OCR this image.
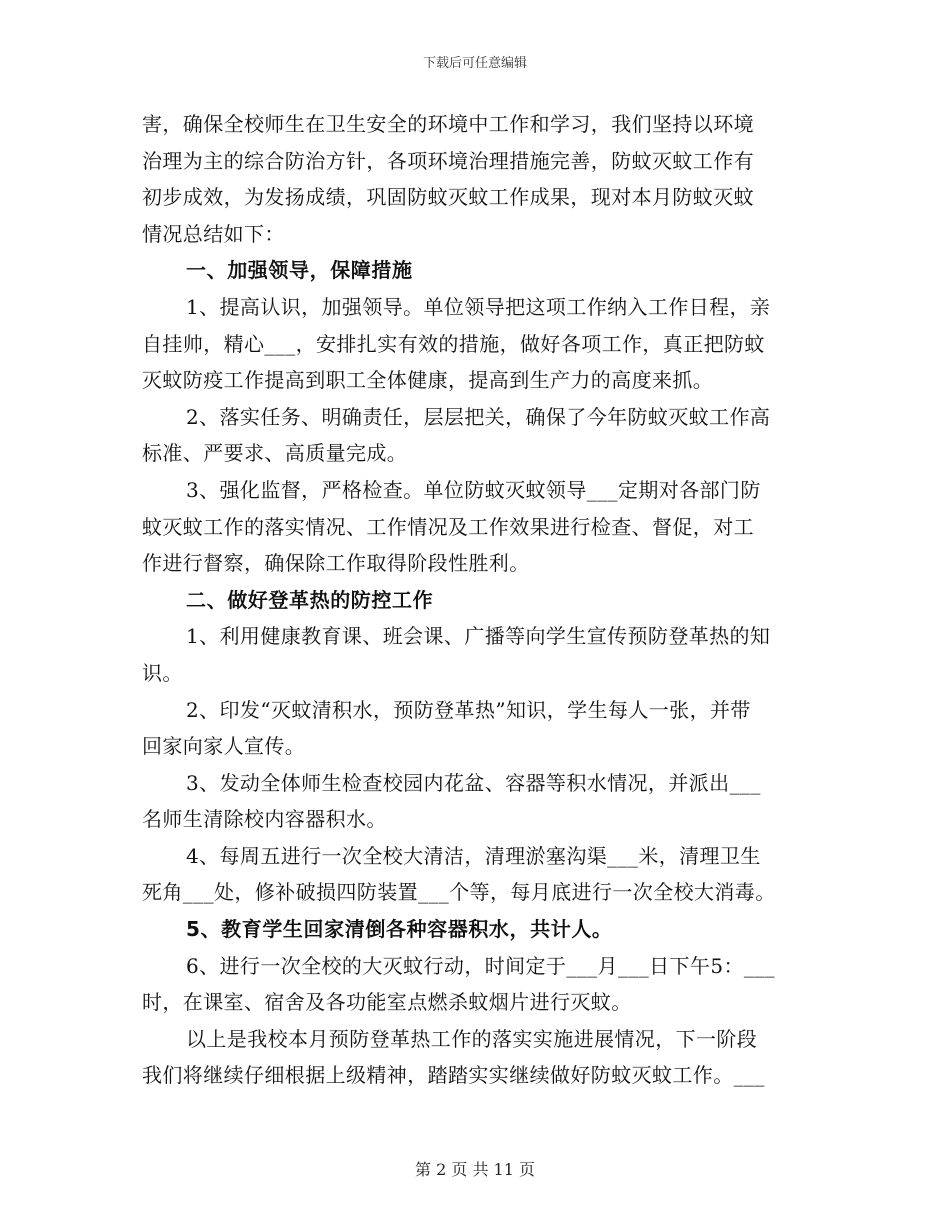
下载后可任意编辑
害，确保全校师生在卫生安全的环境中工作和学习，我们坚持以环境
治理为主的综合防治方针，各项环境治理措施完善，防蚊灭蚊工作有
初步成效，为发扬成绩，巩固防蚊灭蚊工作成果，现对本月防蚊灭蚊
情况总结如下：
一、加强领导，保障措施
1、提高认识，加强领导。单位领导把这项工作纳入工作日程，亲
自挂帅，精心___，安排扎实有效的措施，做好各项工作，真正把防蚊
灭蚊防疫工作提高到职工全体健康，提高到生产力的高度来抓。
2、落实任务、明确责任，层层把关，确保了今年防蚊灭蚊工作高
标准、严要求、高质量完成。
3、强化监督，严格检查。单位防蚊灭蚊领导___定期对各部门防
蚊灭蚊工作的落实情况、工作情况及工作效果进行检查、督促，对工
作进行督察，确保除工作取得阶段性胜利。
二、做好登革热的防控工作
1、利用健康教育课、班会课、广播等向学生宣传预防登革热的知
识。
2、印发“灭蚊清积水，预防登革热”知识，学生每人一张，并带
回家向家人宣传。
3、发动全体师生检查校园内花盆、容器等积水情况，并派出___
名师生清除校内容器积水。
4、每周五进行一次全校大清洁，清理淤塞沟渠___米，清理卫生
死角___处，修补破损四防装置___个等，每月底进行一次全校大消毒。
5、教育学生回家清倒各种容器积水，共计人。
6、进行一次全校的大灭蚊行动，时间定于___月___日下午5：___
时，在课室、宿舍及各功能室点燃杀蚊烟片进行灭蚊。
以上是我校本月预防登革热工作的落实实施进展情况，下一阶段
我们将继续仔细根据上级精神，踏踏实实继续做好防蚊灭蚊工作。___
第 2 页 共 11 页
